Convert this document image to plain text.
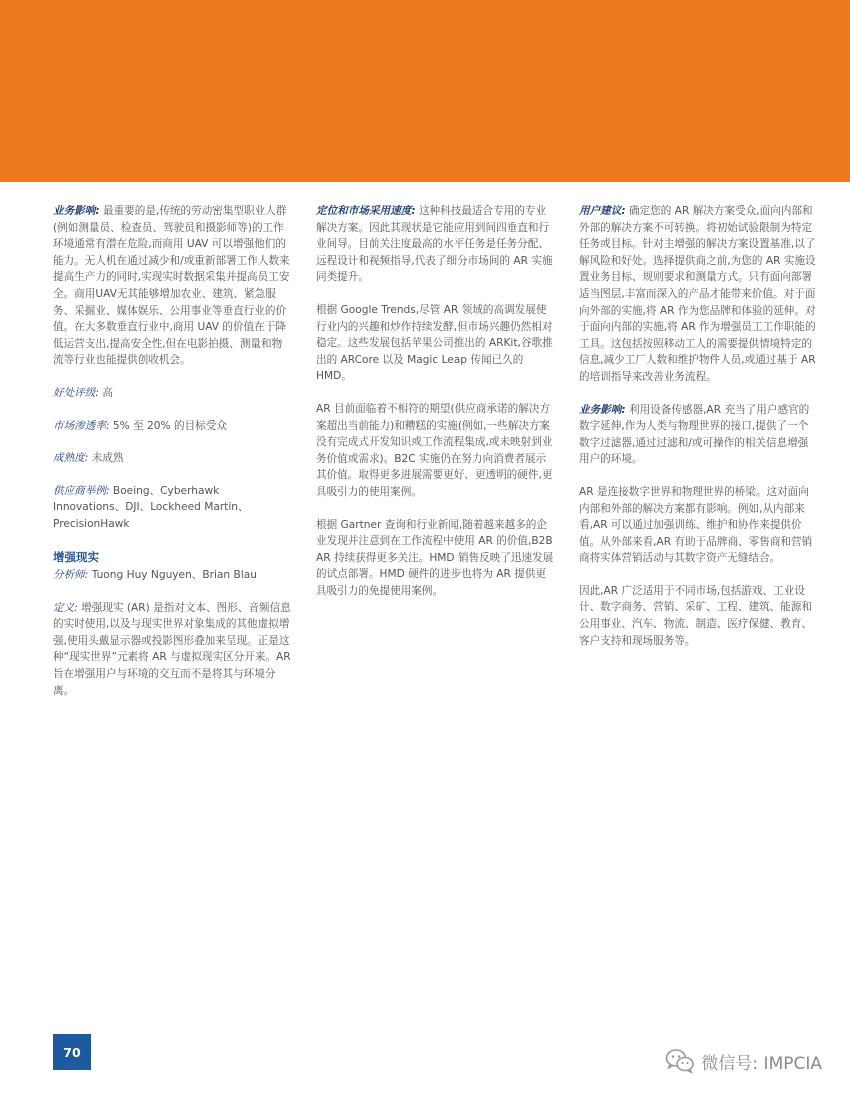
业务影响: 最重要的是,传统的劳动密集型职业人群(例如测量员、检查员、驾驶员和摄影师等)的工作环境通常有潜在危险,而商用 UAV 可以增强他们的能力。无人机在通过减少和/或重新部署工作人数来提高生产力的同时,实现实时数据采集并提高员工安全。商用UAV无其能够增加农业、建筑、紧急服务、采掘业、媒体娱乐、公用事业等垂直行业的价值。在大多数垂直行业中,商用 UAV 的价值在于降低运营支出,提高安全性,但在电影拍摄、测量和物流等行业也能提供创收机会。

好处评级: 高

市场渗透率: 5% 至 20% 的目标受众

成熟度: 未成熟

供应商举例: Boeing、Cyberhawk Innovations、DJI、Lockheed Martin、PrecisionHawk

增强现实

分析师: Tuong Huy Nguyen、Brian Blau

定义: 增强现实 (AR) 是指对文本、图形、音频信息的实时使用,以及与现实世界对象集成的其他虚拟增强,使用头戴显示器或投影图形叠加来呈现。正是这种“现实世界”元素将 AR 与虚拟现实区分开来。AR 旨在增强用户与环境的交互而不是将其与环境分离。

定位和市场采用速度: 这种科技最适合专用的专业解决方案。因此其现状是它能应用到间四垂直和行业间导。目前关注度最高的水平任务是任务分配、远程设计和视频指导,代表了细分市场间的 AR 实施同类提升。

根据 Google Trends,尽管 AR 领域的高调发展使行业内的兴趣和炒作持续发酵,但市场兴趣仍然相对稳定。这些发展包括苹果公司推出的 ARKit,谷歌推出的 ARCore 以及 Magic Leap 传闻已久的 HMD。

AR 目前面临着不相符的期望(供应商承诺的解决方案超出当前能力)和糟糕的实施(例如,一些解决方案没有完成式开发知识或工作流程集成,或未映射到业务价值或需求)。B2C 实施仍在努力向消费者展示其价值。取得更多进展需要更好、更透明的硬件,更具吸引力的使用案例。

根据 Gartner 查询和行业新闻,随着越来越多的企业发现并注意到在工作流程中使用 AR 的价值,B2B AR 持续获得更多关注。HMD 销售反映了迅速发展的试点部署。HMD 硬件的进步也将为 AR 提供更具吸引力的免提使用案例。

用户建议: 确定您的 AR 解决方案受众,面向内部和外部的解决方案不可转换。将初始试验限制为特定任务或目标。针对主增强的解决方案设置基准,以了解风险和好处。选择提供商之前,为您的 AR 实施设置业务目标、规则要求和测量方式。只有面向部署适当图层,丰富而深入的产品才能带来价值。对于面向外部的实施,将 AR 作为您品牌和体验的延伸。对于面向内部的实施,将 AR 作为增强员工工作职能的工具。这包括按照移动工人的需要提供情境特定的信息,减少工厂人数和维护物件人员,或通过基于 AR 的培训指导来改善业务流程。

业务影响: 利用设备传感器,AR 充当了用户感官的数字延伸,作为人类与物理世界的接口,提供了一个数字过滤器,通过过滤和/或可操作的相关信息增强用户的环境。

AR 是连接数字世界和物理世界的桥梁。这对面向内部和外部的解决方案都有影响。例如,从内部来看,AR 可以通过加强训练、维护和协作来提供价值。从外部来看,AR 有助于品牌商、零售商和营销商将实体营销活动与其数字资产无缝结合。

因此,AR 广泛适用于不同市场,包括游戏、工业设计、数字商务、营销、采矿、工程、建筑、能源和公用事业、汽车、物流、制造、医疗保健、教育、客户支持和现场服务等。

70
微信号: IMPCIA
